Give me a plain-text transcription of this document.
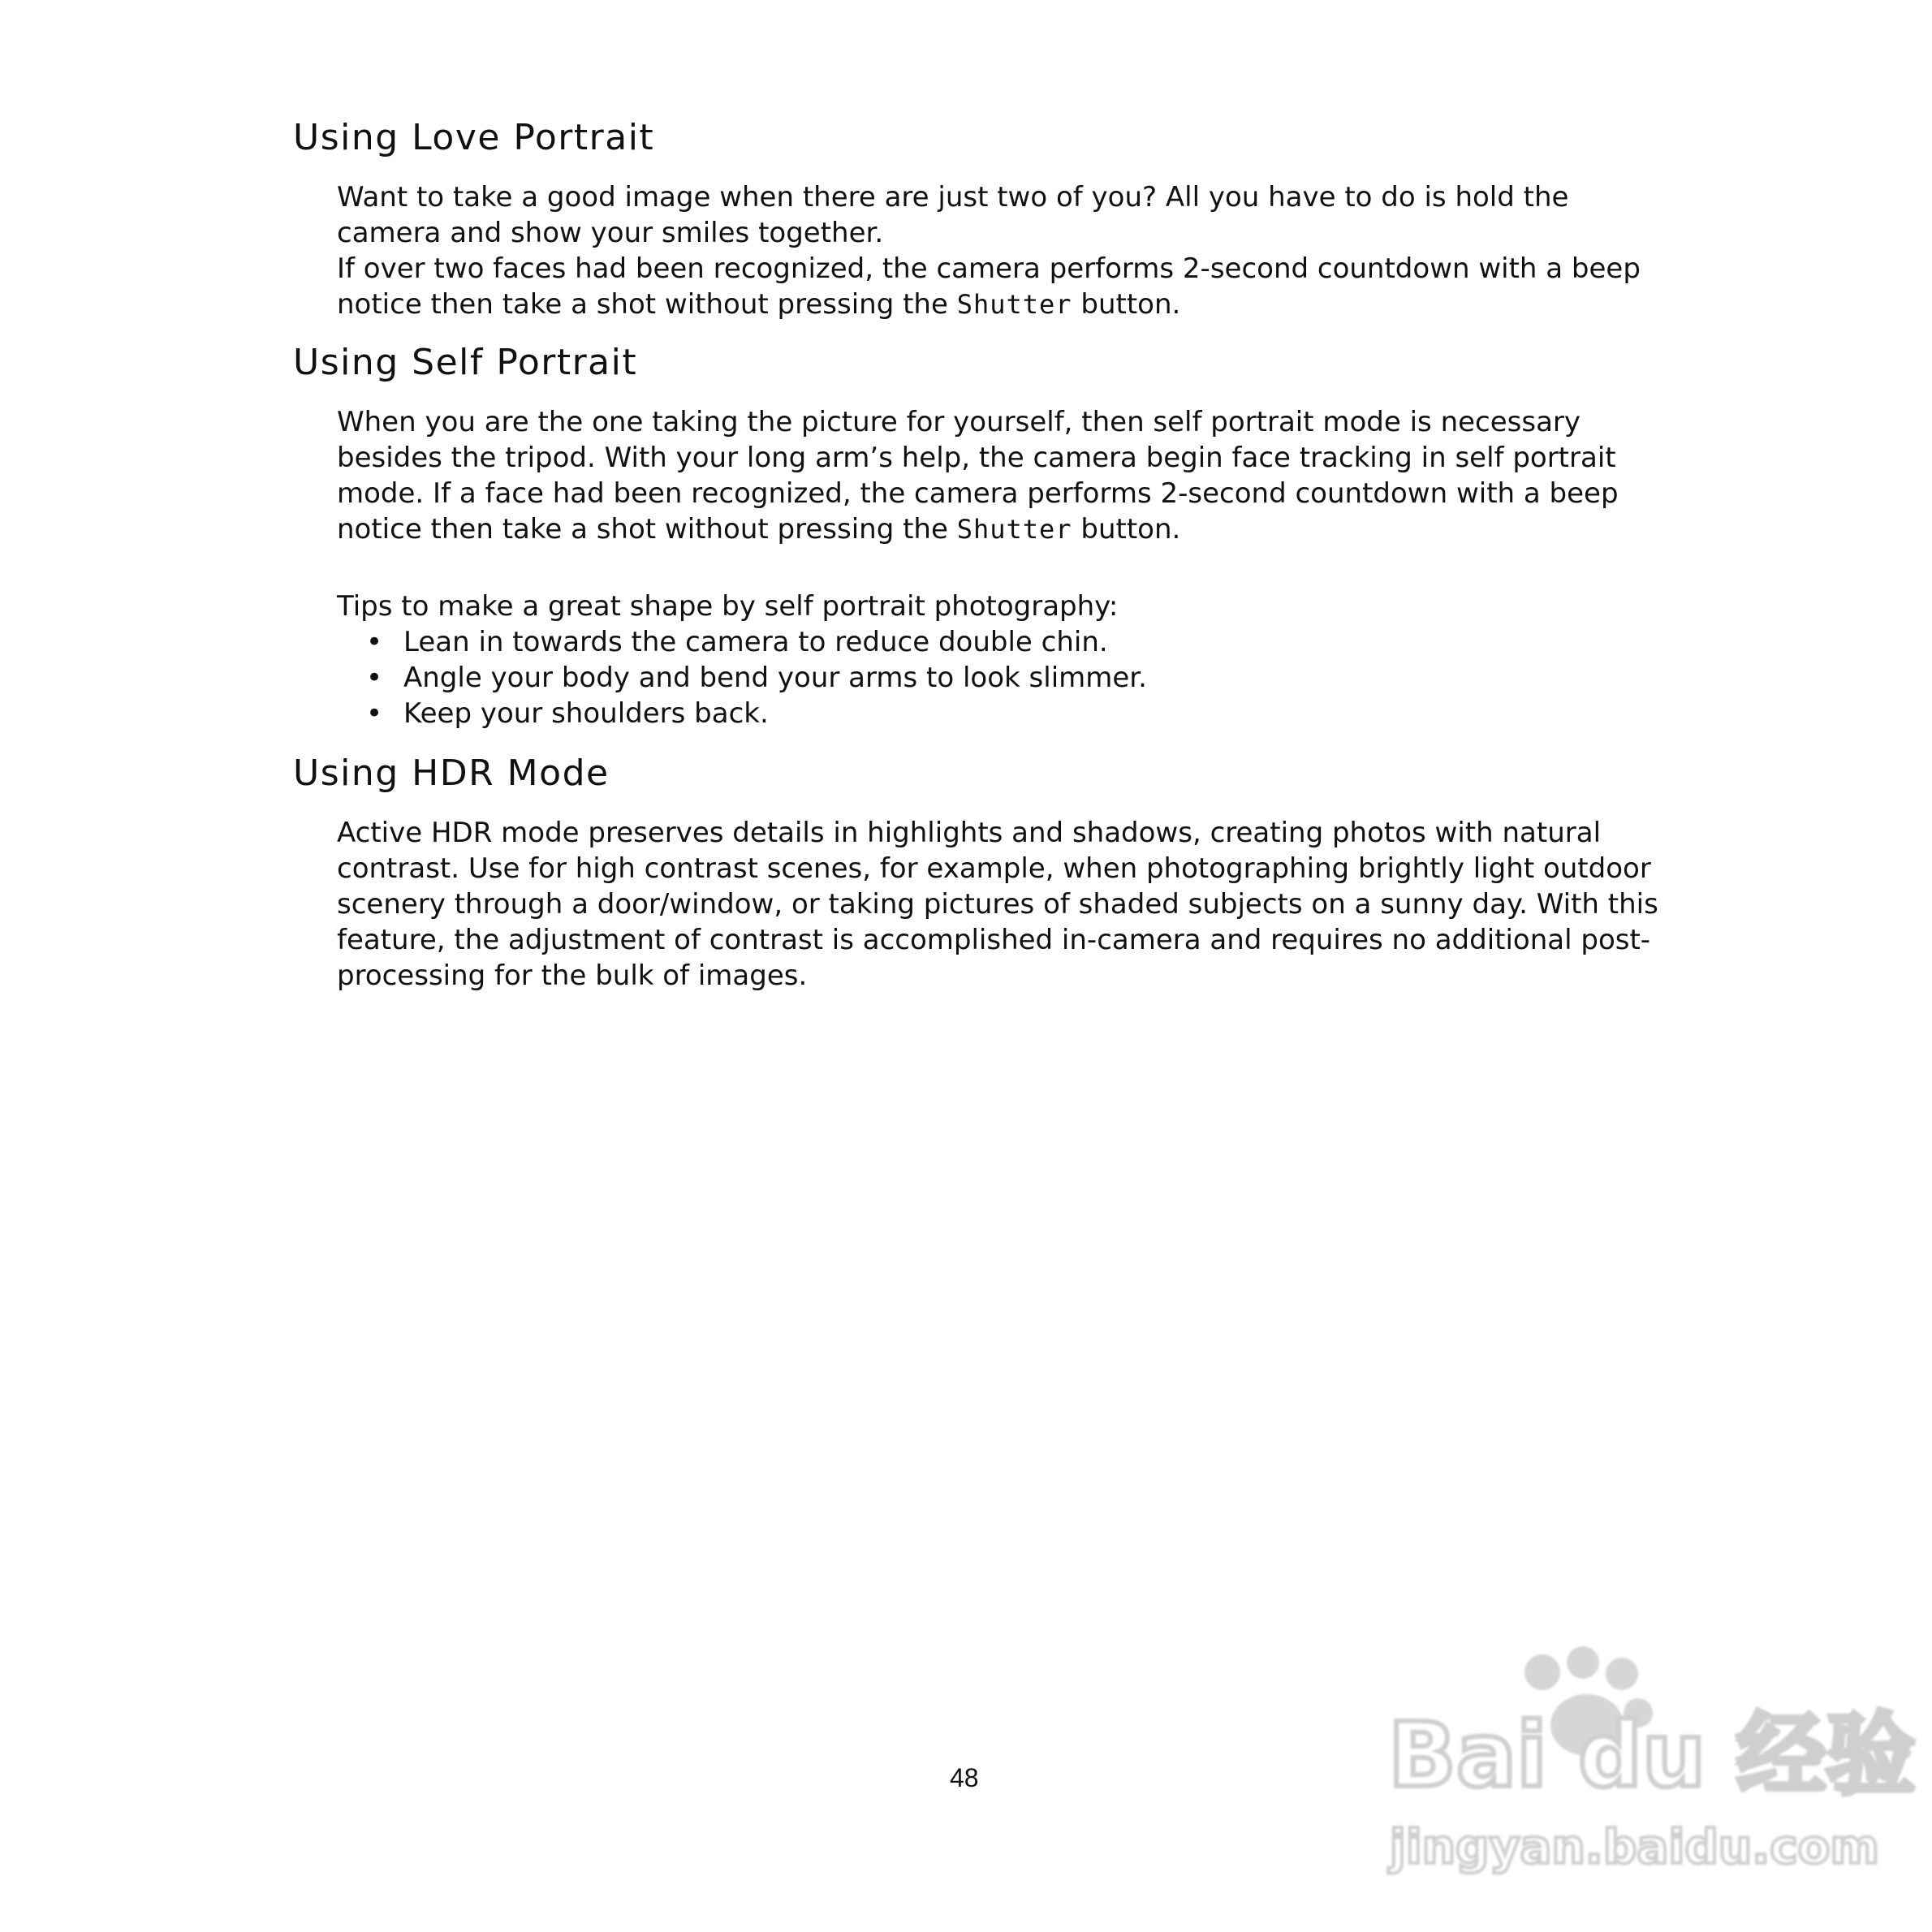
Using Love Portrait

Want to take a good image when there are just two of you? All you have to do is hold the camera and show your smiles together.

If over two faces had been recognized, the camera performs 2-second countdown with a beep notice then take a shot without pressing the Shutter button.

Using Self Portrait

When you are the one taking the picture for yourself, then self portrait mode is necessary besides the tripod. With your long arm’s help, the camera begin face tracking in self portrait mode. If a face had been recognized, the camera performs 2-second countdown with a beep notice then take a shot without pressing the Shutter button.

Tips to make a great shape by self portrait photography:

• Lean in towards the camera to reduce double chin.
• Angle your body and bend your arms to look slimmer.
• Keep your shoulders back.
Using HDR Mode

Active HDR mode preserves details in highlights and shadows, creating photos with natural contrast. Use for high contrast scenes, for example, when photographing brightly light outdoor scenery through a door/window, or taking pictures of shaded subjects on a sunny day. With this feature, the adjustment of contrast is accomplished in-camera and requires no additional post-processing for the bulk of images.

48	Bai du 经验
jingyan.baidu.com
